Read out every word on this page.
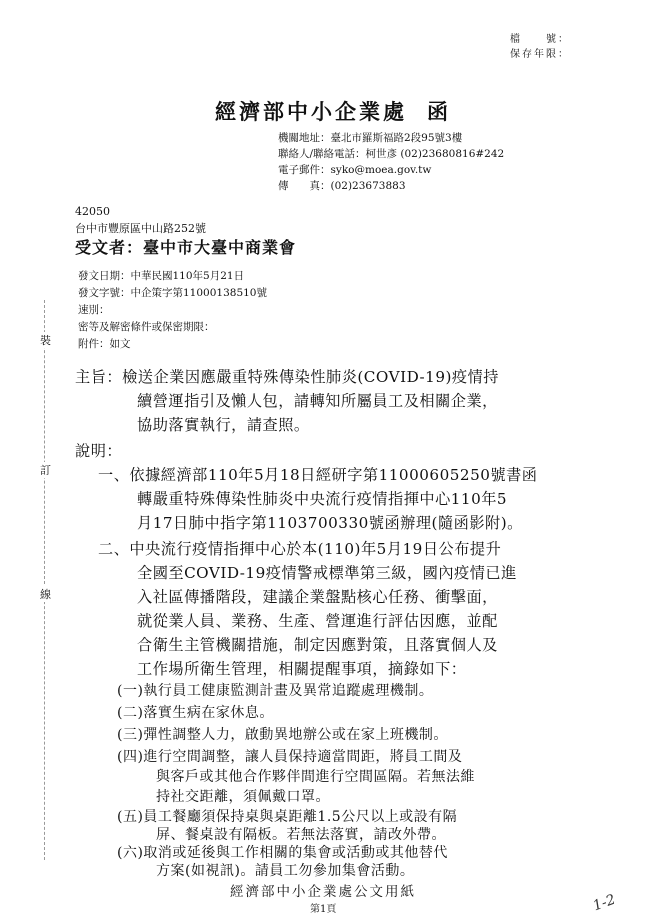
檔　　號：
保存年限：
經濟部中小企業處 函
機關地址：臺北市羅斯福路2段95號3樓
聯絡人/聯絡電話：柯世彥 (02)23680816#242
電子郵件：syko@moea.gov.tw
傳　　真：(02)23673883
42050
台中市豐原區中山路252號
受文者：臺中市大臺中商業會
發文日期：中華民國110年5月21日
發文字號：中企策字第11000138510號
速別：
密等及解密條件或保密期限：
附件：如文
裝
訂
線
主旨：檢送企業因應嚴重特殊傳染性肺炎(COVID-19)疫情持
續營運指引及懶人包，請轉知所屬員工及相關企業，
協助落實執行，請查照。
說明：
一、依據經濟部110年5月18日經研字第11000605250號書函
轉嚴重特殊傳染性肺炎中央流行疫情指揮中心110年5
月17日肺中指字第1103700330號函辦理(隨函影附)。
二、中央流行疫情指揮中心於本(110)年5月19日公布提升
全國至COVID-19疫情警戒標準第三級，國內疫情已進
入社區傳播階段，建議企業盤點核心任務、衝擊面，
就從業人員、業務、生產、營運進行評估因應，並配
合衛生主管機關措施，制定因應對策，且落實個人及
工作場所衛生管理，相關提醒事項，摘錄如下：
經濟部中小企業處公文用紙
第1頁	1-2
(一)執行員工健康監測計畫及異常追蹤處理機制。
(二)落實生病在家休息。
(三)彈性調整人力，啟動異地辦公或在家上班機制。
(四)進行空間調整，讓人員保持適當間距，將員工間及
與客戶或其他合作夥伴間進行空間區隔。若無法維
持社交距離，須佩戴口罩。
(五)員工餐廳須保持桌與桌距離1.5公尺以上或設有隔
屏、餐桌設有隔板。若無法落實，請改外帶。
(六)取消或延後與工作相關的集會或活動或其他替代
方案(如視訊)。請員工勿參加集會活動。
